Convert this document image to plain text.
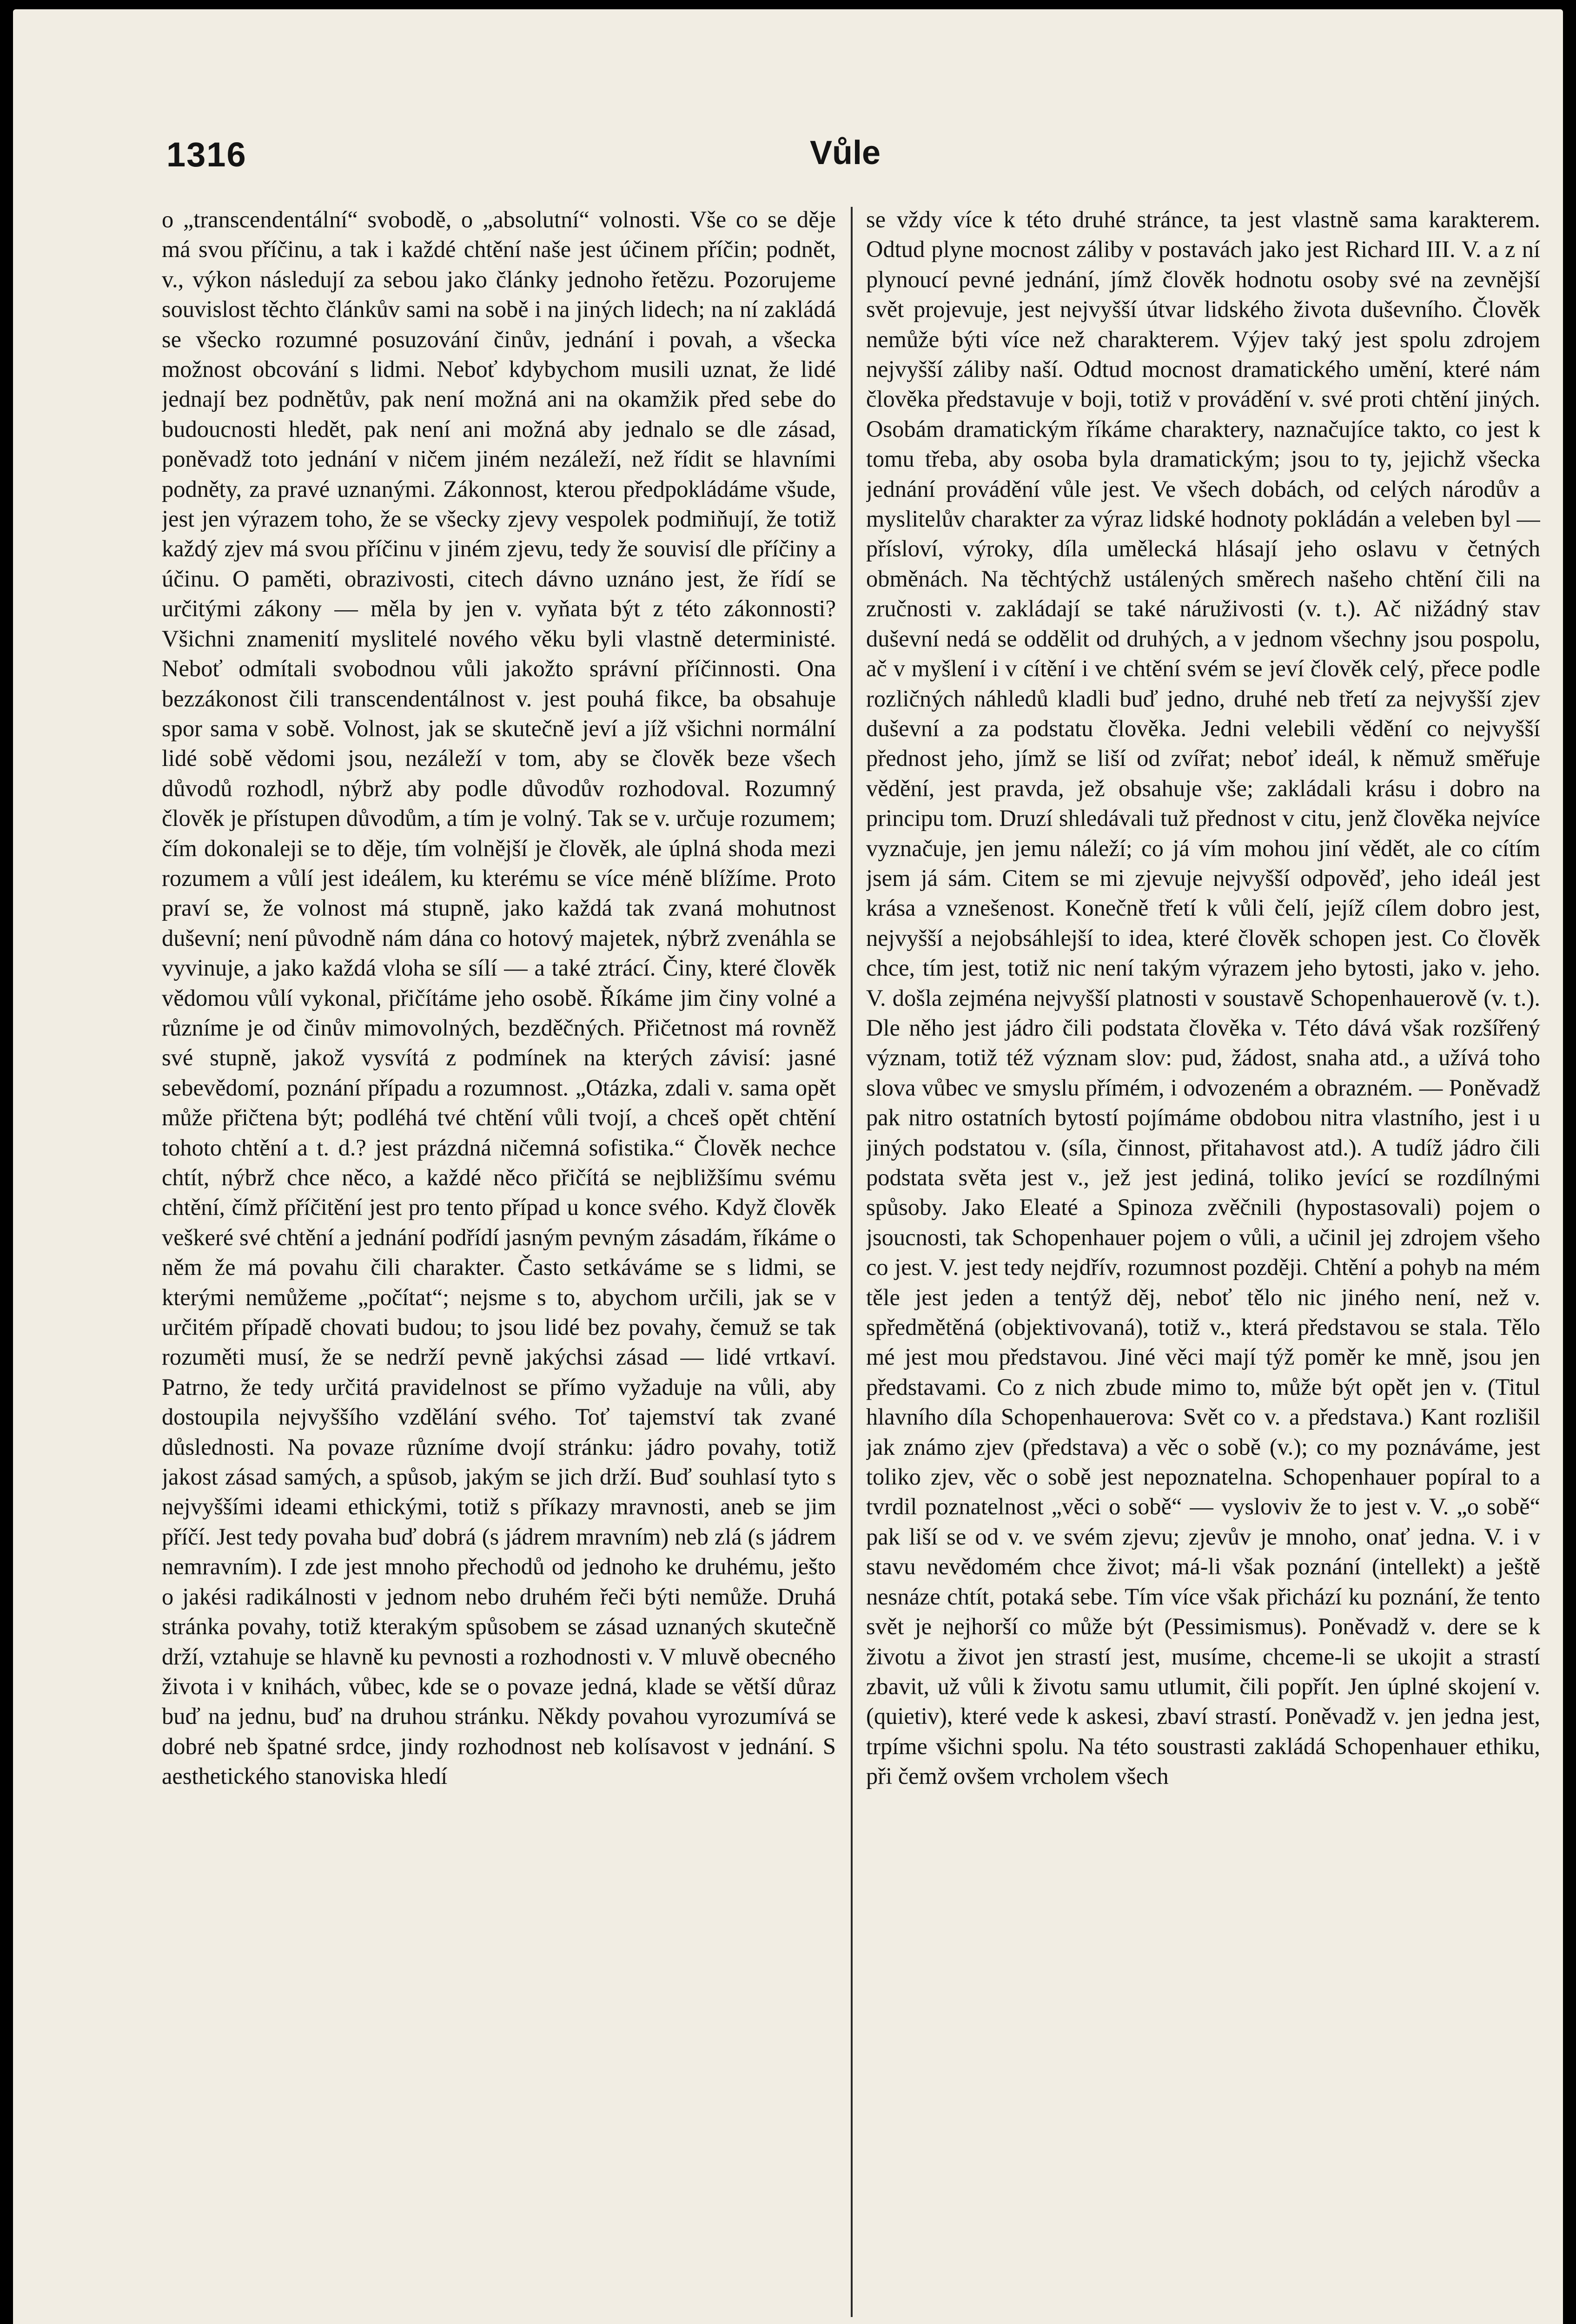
1316	Vůle
o „transcendentální“ svobodě, o „absolutní“ volnosti. Vše co se děje má svou příčinu, a tak i každé chtění naše jest účinem příčin; podnět, v., výkon následují za sebou jako články jednoho řetězu. Pozorujeme souvislost těchto článkův sami na sobě i na jiných lidech; na ní zakládá se všecko rozumné posuzování činův, jednání i povah, a všecka možnost obcování s lidmi. Neboť kdybychom musili uznat, že lidé jednají bez podnětův, pak není možná ani na okamžik před sebe do budoucnosti hledět, pak není ani možná aby jednalo se dle zásad, poněvadž toto jednání v ničem jiném nezáleží, než řídit se hlavními podněty, za pravé uznanými. Zákonnost, kterou předpokládáme všude, jest jen výrazem toho, že se všecky zjevy vespolek podmiňují, že totiž každý zjev má svou příčinu v jiném zjevu, tedy že souvisí dle příčiny a účinu. O paměti, obrazivosti, citech dávno uznáno jest, že řídí se určitými zákony — měla by jen v. vyňata být z této zákonnosti? Všichni znamenití myslitelé nového věku byli vlastně deterministé. Neboť odmítali svobodnou vůli jakožto správní příčinnosti. Ona bezzákonost čili transcendentálnost v. jest pouhá fikce, ba obsahuje spor sama v sobě. Volnost, jak se skutečně jeví a jíž všichni normální lidé sobě vědomi jsou, nezáleží v tom, aby se člověk beze všech důvodů rozhodl, nýbrž aby podle důvodův rozhodoval. Rozumný člověk je přístupen důvodům, a tím je volný. Tak se v. určuje rozumem; čím dokonaleji se to děje, tím volnější je člověk, ale úplná shoda mezi rozumem a vůlí jest ideálem, ku kterému se více méně blížíme. Proto praví se, že volnost má stupně, jako každá tak zvaná mohutnost duševní; není původně nám dána co hotový majetek, nýbrž zvenáhla se vyvinuje, a jako každá vloha se sílí — a také ztrácí. Činy, které člověk vědomou vůlí vykonal, přičítáme jeho osobě. Říkáme jim činy volné a různíme je od činův mimovolných, bezděčných. Přičetnost má rovněž své stupně, jakož vysvítá z podmínek na kterých závisí: jasné sebevědomí, poznání případu a rozumnost. „Otázka, zdali v. sama opět může přičtena být; podléhá tvé chtění vůli tvojí, a chceš opět chtění tohoto chtění a t. d.? jest prázdná ničemná sofistika.“ Člověk nechce chtít, nýbrž chce něco, a každé něco přičítá se nejbližšímu svému chtění, čímž příčitění jest pro tento případ u konce svého. Když člověk veškeré své chtění a jednání podřídí jasným pevným zásadám, říkáme o něm že má povahu čili charakter. Často setkáváme se s lidmi, se kterými nemůžeme „počítat“; nejsme s to, abychom určili, jak se v určitém případě chovati budou; to jsou lidé bez povahy, čemuž se tak rozuměti musí, že se nedrží pevně jakýchsi zásad — lidé vrtkaví. Patrno, že tedy určitá pravidelnost se přímo vyžaduje na vůli, aby dostoupila nejvyššího vzdělání svého. Toť tajemství tak zvané důslednosti. Na povaze různíme dvojí stránku: jádro povahy, totiž jakost zásad samých, a spůsob, jakým se jich drží. Buď souhlasí tyto s nejvyššími ideami ethickými, totiž s příkazy mravnosti, aneb se jim příčí. Jest tedy povaha buď dobrá (s jádrem mravním) neb zlá (s jádrem nemravním). I zde jest mnoho přechodů od jednoho ke druhému, ješto o jakési radikálnosti v jednom nebo druhém řeči býti nemůže. Druhá stránka povahy, totiž kterakým spůsobem se zásad uznaných skutečně drží, vztahuje se hlavně ku pevnosti a rozhodnosti v. V mluvě obecného života i v knihách, vůbec, kde se o povaze jedná, klade se větší důraz buď na jednu, buď na druhou stránku. Někdy povahou vyrozumívá se dobré neb špatné srdce, jindy rozhodnost neb kolísavost v jednání. S aesthetického stanoviska hledí
se vždy více k této druhé stránce, ta jest vlastně sama karakterem. Odtud plyne mocnost záliby v postavách jako jest Richard III. V. a z ní plynoucí pevné jednání, jímž člověk hodnotu osoby své na zevnější svět projevuje, jest nejvyšší útvar lidského života duševního. Člověk nemůže býti více než charakterem. Výjev taký jest spolu zdrojem nejvyšší záliby naší. Odtud mocnost dramatického umění, které nám člověka představuje v boji, totiž v provádění v. své proti chtění jiných. Osobám dramatickým říkáme charaktery, naznačujíce takto, co jest k tomu třeba, aby osoba byla dramatickým; jsou to ty, jejichž všecka jednání provádění vůle jest. Ve všech dobách, od celých národův a myslitelův charakter za výraz lidské hodnoty pokládán a veleben byl — přísloví, výroky, díla umělecká hlásají jeho oslavu v četných obměnách. Na těchtýchž ustálených směrech našeho chtění čili na zručnosti v. zakládají se také náruživosti (v. t.). Ač nižádný stav duševní nedá se oddělit od druhých, a v jednom všechny jsou pospolu, ač v myšlení i v cítění i ve chtění svém se jeví člověk celý, přece podle rozličných náhledů kladli buď jedno, druhé neb třetí za nejvyšší zjev duševní a za podstatu člověka. Jedni velebili vědění co nejvyšší přednost jeho, jímž se liší od zvířat; neboť ideál, k němuž směřuje vědění, jest pravda, jež obsahuje vše; zakládali krásu i dobro na principu tom. Druzí shledávali tuž přednost v citu, jenž člověka nejvíce vyznačuje, jen jemu náleží; co já vím mohou jiní vědět, ale co cítím jsem já sám. Citem se mi zjevuje nejvyšší odpověď, jeho ideál jest krása a vznešenost. Konečně třetí k vůli čelí, jejíž cílem dobro jest, nejvyšší a nejobsáhlejší to idea, které člověk schopen jest. Co člověk chce, tím jest, totiž nic není takým výrazem jeho bytosti, jako v. jeho. V. došla zejména nejvyšší platnosti v soustavě Schopenhauerově (v. t.). Dle něho jest jádro čili podstata člověka v. Této dává však rozšířený význam, totiž též význam slov: pud, žádost, snaha atd., a užívá toho slova vůbec ve smyslu přímém, i odvozeném a obrazném. — Poněvadž pak nitro ostatních bytostí pojímáme obdobou nitra vlastního, jest i u jiných podstatou v. (síla, činnost, přitahavost atd.). A tudíž jádro čili podstata světa jest v., jež jest jediná, toliko jevící se rozdílnými spůsoby. Jako Eleaté a Spinoza zvěčnili (hypostasovali) pojem o jsoucnosti, tak Schopenhauer pojem o vůli, a učinil jej zdrojem všeho co jest. V. jest tedy nejdřív, rozumnost později. Chtění a pohyb na mém těle jest jeden a tentýž děj, neboť tělo nic jiného není, než v. spředmětěná (objektivovaná), totiž v., která představou se stala. Tělo mé jest mou představou. Jiné věci mají týž poměr ke mně, jsou jen představami. Co z nich zbude mimo to, může být opět jen v. (Titul hlavního díla Schopenhauerova: Svět co v. a představa.) Kant rozlišil jak známo zjev (představa) a věc o sobě (v.); co my poznáváme, jest toliko zjev, věc o sobě jest nepoznatelna. Schopenhauer popíral to a tvrdil poznatelnost „věci o sobě“ — vysloviv že to jest v. V. „o sobě“ pak liší se od v. ve svém zjevu; zjevův je mnoho, onať jedna. V. i v stavu nevědomém chce život; má-li však poznání (intellekt) a ještě nesnáze chtít, potaká sebe. Tím více však přichází ku poznání, že tento svět je nejhorší co může být (Pessimismus). Poněvadž v. dere se k životu a život jen strastí jest, musíme, chceme-li se ukojit a strastí zbavit, už vůli k životu samu utlumit, čili popřít. Jen úplné skojení v. (quietiv), které vede k askesi, zbaví strastí. Poněvadž v. jen jedna jest, trpíme všichni spolu. Na této soustrasti zakládá Schopenhauer ethiku, při čemž ovšem vrcholem všech
